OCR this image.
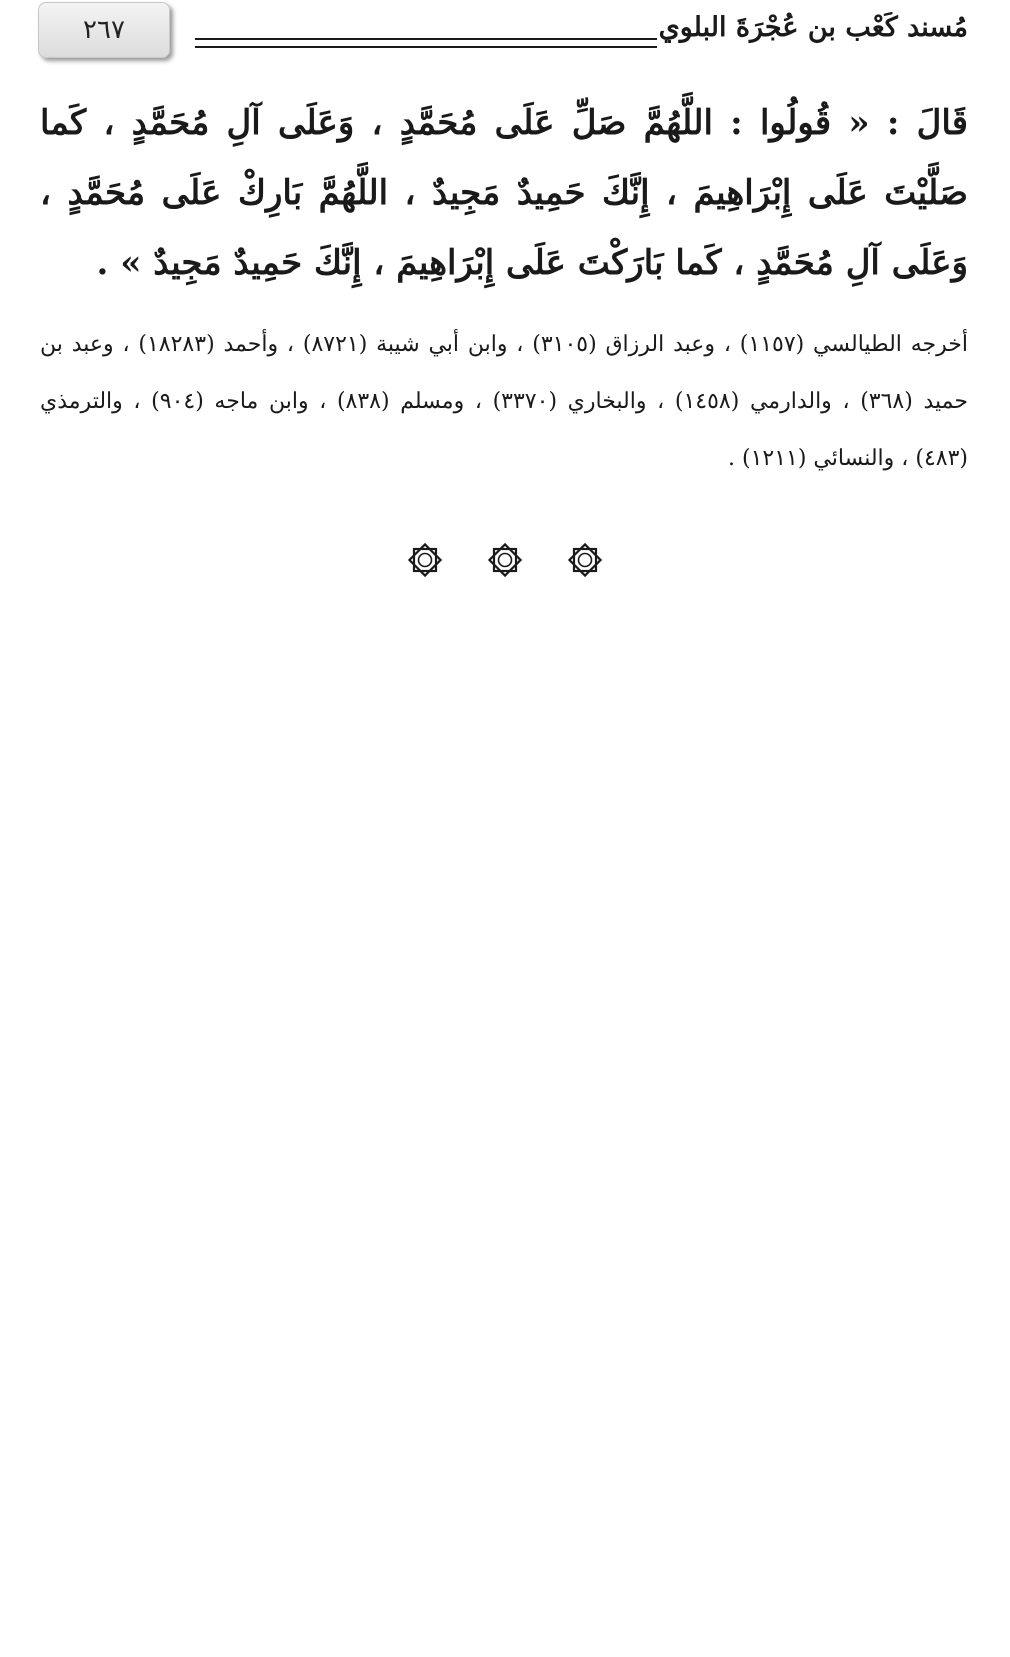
٢٦٧	مُسند كَعْب بن عُجْرَةَ البلوي
قَالَ : « قُولُوا : اللَّهُمَّ صَلِّ عَلَى مُحَمَّدٍ ، وَعَلَى آلِ مُحَمَّدٍ ، كَما صَلَّيْتَ عَلَى إِبْرَاهِيمَ ، إِنَّكَ حَمِيدٌ مَجِيدٌ ، اللَّهُمَّ بَارِكْ عَلَى مُحَمَّدٍ ، وَعَلَى آلِ مُحَمَّدٍ ، كَما بَارَكْتَ عَلَى إِبْرَاهِيمَ ، إِنَّكَ حَمِيدٌ مَجِيدٌ » .
أخرجه الطيالسي (١١٥٧) ، وعبد الرزاق (٣١٠٥) ، وابن أبي شيبة (٨٧٢١) ، وأحمد (١٨٢٨٣) ، وعبد بن حميد (٣٦٨) ، والدارمي (١٤٥٨) ، والبخاري (٣٣٧٠) ، ومسلم (٨٣٨) ، وابن ماجه (٩٠٤) ، والترمذي (٤٨٣) ، والنسائي (١٢١١) .
